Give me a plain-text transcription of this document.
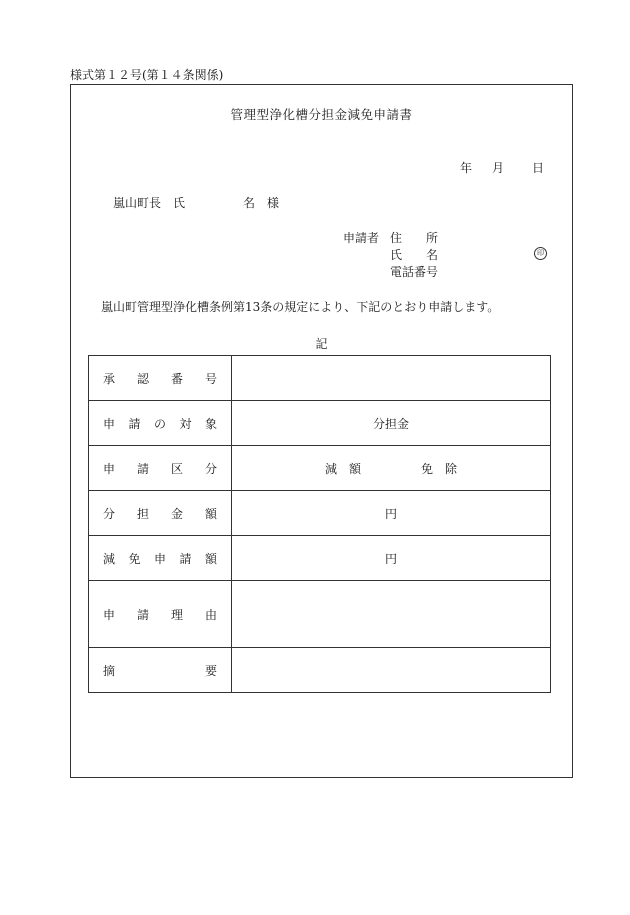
様式第１２号(第１４条関係)
管理型浄化槽分担金減免申請書
年 月 日
嵐山町長　氏	名　様
申請者 住　　所
氏　　名	印
電話番号
嵐山町管理型浄化槽条例第13条の規定により、下記のとおり申請します。
記
承 認 番 号	

申 請 の 対 象	分担金

申 請 区 分	減　額 免　除

分 担 金 額	円

減 免 申 請 額	円

申 請 理 由	

摘 要	
